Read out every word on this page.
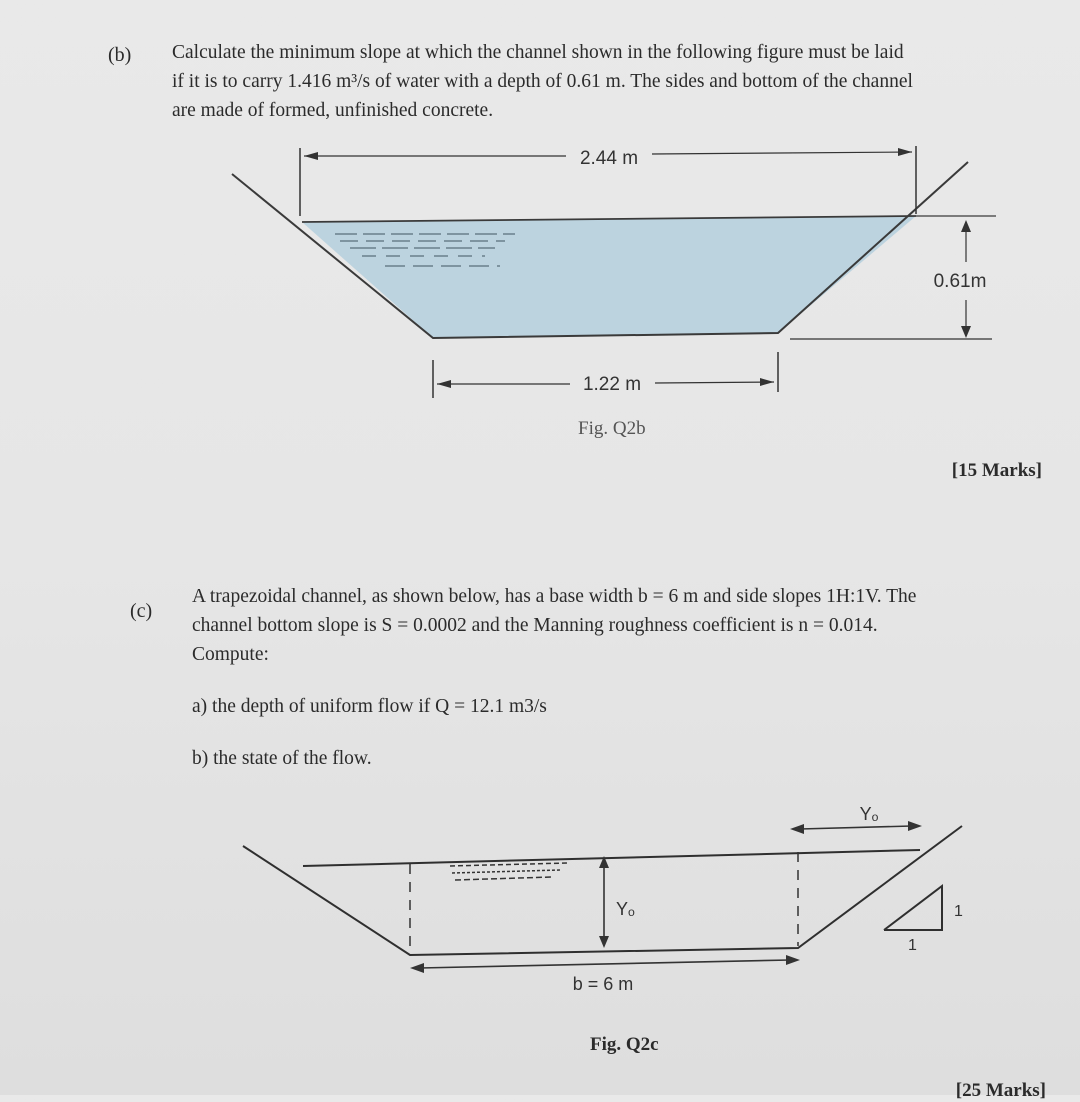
(b) Calculate the minimum slope at which the channel shown in the following figure must be laid
if it is to carry 1.416 m³/s of water with a depth of 0.61 m. The sides and bottom of the channel
are made of formed, unfinished concrete.
2.44 m
0.61m
1.22 m
Fig. Q2b
[15 Marks]
(c)
A trapezoidal channel, as shown below, has a base width b = 6 m and side slopes 1H:1V. The
channel bottom slope is S = 0.0002 and the Manning roughness coefficient is n = 0.014.
Compute:
a) the depth of uniform flow if Q = 12.1 m3/s
b) the state of the flow.
Yₒ
b = 6 m
Yₒ
1
1
Fig. Q2c
[25 Marks]
